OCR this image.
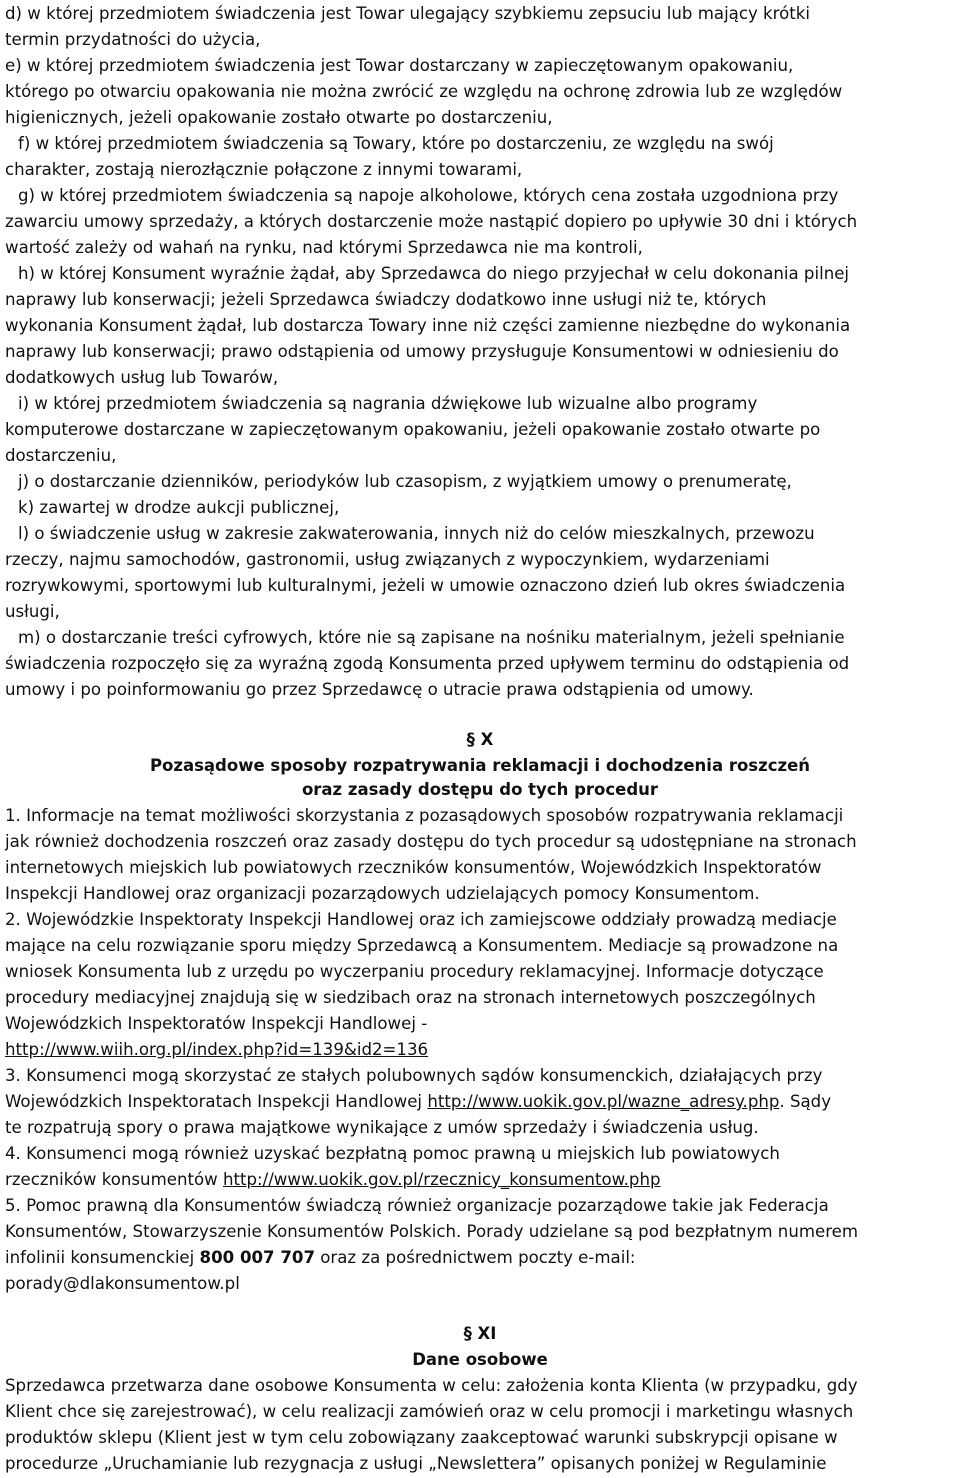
d) w której przedmiotem świadczenia jest Towar ulegający szybkiemu zepsuciu lub mający krótki
termin przydatności do użycia,
e) w której przedmiotem świadczenia jest Towar dostarczany w zapieczętowanym opakowaniu,
którego po otwarciu opakowania nie można zwrócić ze względu na ochronę zdrowia lub ze względów
higienicznych, jeżeli opakowanie zostało otwarte po dostarczeniu,
f) w której przedmiotem świadczenia są Towary, które po dostarczeniu, ze względu na swój
charakter, zostają nierozłącznie połączone z innymi towarami,
g) w której przedmiotem świadczenia są napoje alkoholowe, których cena została uzgodniona przy
zawarciu umowy sprzedaży, a których dostarczenie może nastąpić dopiero po upływie 30 dni i których
wartość zależy od wahań na rynku, nad którymi Sprzedawca nie ma kontroli,
h) w której Konsument wyraźnie żądał, aby Sprzedawca do niego przyjechał w celu dokonania pilnej
naprawy lub konserwacji; jeżeli Sprzedawca świadczy dodatkowo inne usługi niż te, których
wykonania Konsument żądał, lub dostarcza Towary inne niż części zamienne niezbędne do wykonania
naprawy lub konserwacji; prawo odstąpienia od umowy przysługuje Konsumentowi w odniesieniu do
dodatkowych usług lub Towarów,
i) w której przedmiotem świadczenia są nagrania dźwiękowe lub wizualne albo programy
komputerowe dostarczane w zapieczętowanym opakowaniu, jeżeli opakowanie zostało otwarte po
dostarczeniu,
j) o dostarczanie dzienników, periodyków lub czasopism, z wyjątkiem umowy o prenumeratę,
k) zawartej w drodze aukcji publicznej,
l) o świadczenie usług w zakresie zakwaterowania, innych niż do celów mieszkalnych, przewozu
rzeczy, najmu samochodów, gastronomii, usług związanych z wypoczynkiem, wydarzeniami
rozrywkowymi, sportowymi lub kulturalnymi, jeżeli w umowie oznaczono dzień lub okres świadczenia
usługi,
m) o dostarczanie treści cyfrowych, które nie są zapisane na nośniku materialnym, jeżeli spełnianie
świadczenia rozpoczęło się za wyraźną zgodą Konsumenta przed upływem terminu do odstąpienia od
umowy i po poinformowaniu go przez Sprzedawcę o utracie prawa odstąpienia od umowy.
§ X
Pozasądowe sposoby rozpatrywania reklamacji i dochodzenia roszczeń
oraz zasady dostępu do tych procedur
1. Informacje na temat możliwości skorzystania z pozasądowych sposobów rozpatrywania reklamacji
jak również dochodzenia roszczeń oraz zasady dostępu do tych procedur są udostępniane na stronach
internetowych miejskich lub powiatowych rzeczników konsumentów, Wojewódzkich Inspektoratów
Inspekcji Handlowej oraz organizacji pozarządowych udzielających pomocy Konsumentom.
2. Wojewódzkie Inspektoraty Inspekcji Handlowej oraz ich zamiejscowe oddziały prowadzą mediacje
mające na celu rozwiązanie sporu między Sprzedawcą a Konsumentem. Mediacje są prowadzone na
wniosek Konsumenta lub z urzędu po wyczerpaniu procedury reklamacyjnej. Informacje dotyczące
procedury mediacyjnej znajdują się w siedzibach oraz na stronach internetowych poszczególnych
Wojewódzkich Inspektoratów Inspekcji Handlowej -
http://www.wiih.org.pl/index.php?id=139&id2=136
3. Konsumenci mogą skorzystać ze stałych polubownych sądów konsumenckich, działających przy
Wojewódzkich Inspektoratach Inspekcji Handlowej http://www.uokik.gov.pl/wazne_adresy.php. Sądy
te rozpatrują spory o prawa majątkowe wynikające z umów sprzedaży i świadczenia usług.
4. Konsumenci mogą również uzyskać bezpłatną pomoc prawną u miejskich lub powiatowych
rzeczników konsumentów http://www.uokik.gov.pl/rzecznicy_konsumentow.php
5. Pomoc prawną dla Konsumentów świadczą również organizacje pozarządowe takie jak Federacja
Konsumentów, Stowarzyszenie Konsumentów Polskich. Porady udzielane są pod bezpłatnym numerem
infolinii konsumenckiej 800 007 707 oraz za pośrednictwem poczty e-mail:
porady@dlakonsumentow.pl
§ XI
Dane osobowe
Sprzedawca przetwarza dane osobowe Konsumenta w celu: założenia konta Klienta (w przypadku, gdy
Klient chce się zarejestrować), w celu realizacji zamówień oraz w celu promocji i marketingu własnych
produktów sklepu (Klient jest w tym celu zobowiązany zaakceptować warunki subskrypcji opisane w
procedurze „Uruchamianie lub rezygnacja z usługi „Newslettera” opisanych poniżej w Regulaminie
